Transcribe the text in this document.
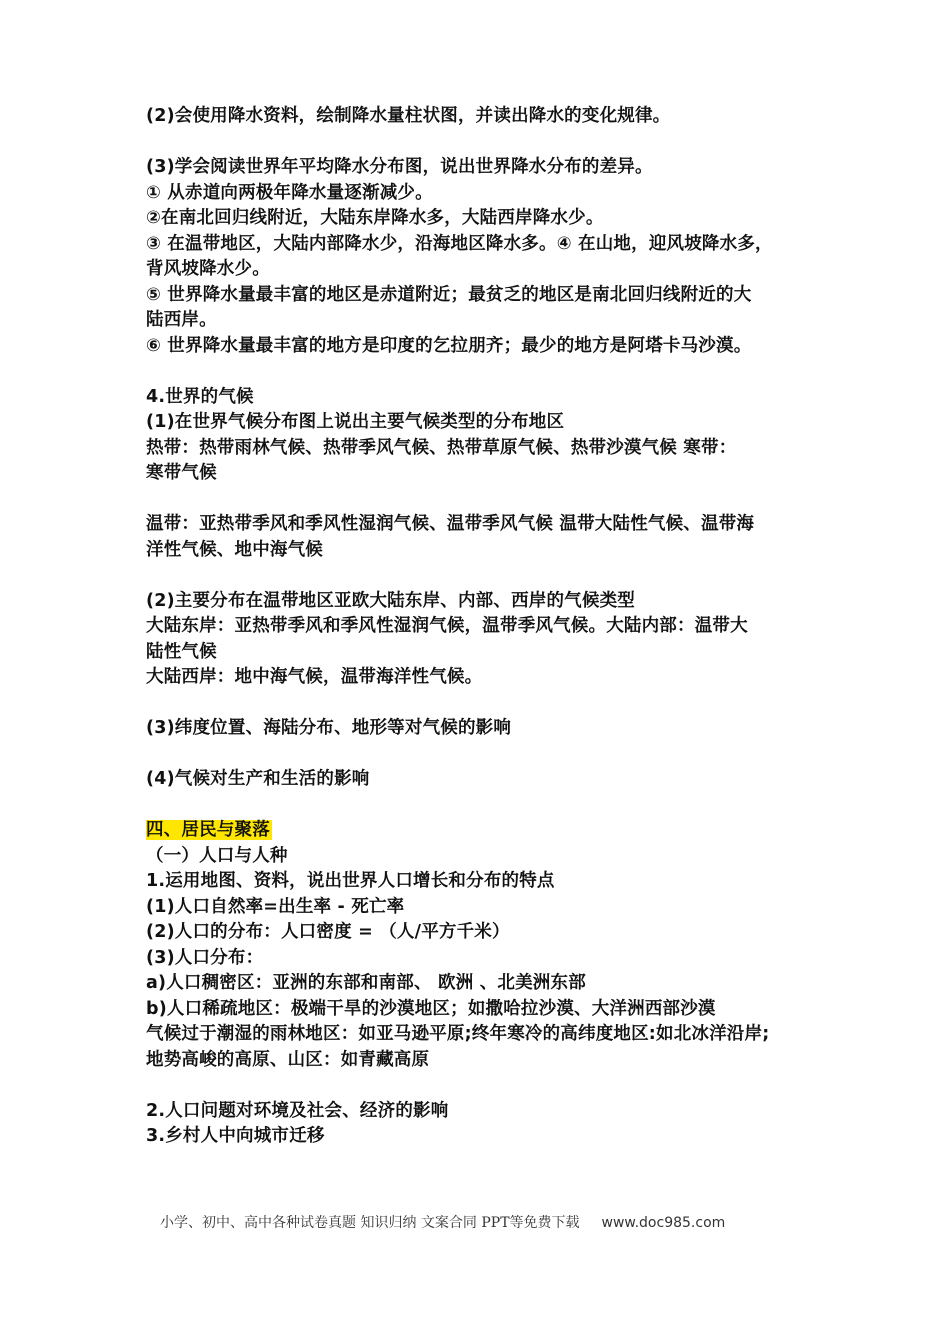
(2)会使用降水资料，绘制降水量柱状图，并读出降水的变化规律。
(3)学会阅读世界年平均降水分布图，说出世界降水分布的差异。
① 从赤道向两极年降水量逐渐减少。
②在南北回归线附近，大陆东岸降水多，大陆西岸降水少。
③ 在温带地区，大陆内部降水少，沿海地区降水多。④ 在山地，迎风坡降水多，
背风坡降水少。
⑤ 世界降水量最丰富的地区是赤道附近；最贫乏的地区是南北回归线附近的大
陆西岸。
⑥ 世界降水量最丰富的地方是印度的乞拉朋齐；最少的地方是阿塔卡马沙漠。
4.世界的气候
(1)在世界气候分布图上说出主要气候类型的分布地区
热带：热带雨林气候、热带季风气候、热带草原气候、热带沙漠气候 寒带：
寒带气候
温带：亚热带季风和季风性湿润气候、温带季风气候 温带大陆性气候、温带海
洋性气候、地中海气候
(2)主要分布在温带地区亚欧大陆东岸、内部、西岸的气候类型
大陆东岸：亚热带季风和季风性湿润气候，温带季风气候。大陆内部：温带大
陆性气候
大陆西岸：地中海气候，温带海洋性气候。
(3)纬度位置、海陆分布、地形等对气候的影响
(4)气候对生产和生活的影响
四、居民与聚落
（一）人口与人种
1.运用地图、资料，说出世界人口增长和分布的特点
(1)人口自然率=出生率 - 死亡率
(2)人口的分布：人口密度 = （人/平方千米）
(3)人口分布：
a)人口稠密区：亚洲的东部和南部、 欧洲 、北美洲东部
b)人口稀疏地区：极端干旱的沙漠地区；如撒哈拉沙漠、大洋洲西部沙漠
气候过于潮湿的雨林地区：如亚马逊平原;终年寒冷的高纬度地区:如北冰洋沿岸;
地势高峻的高原、山区：如青藏高原
2.人口问题对环境及社会、经济的影响
3.乡村人中向城市迁移
小学、初中、高中各种试卷真题 知识归纳 文案合同 PPT等免费下载 www.doc985.com
